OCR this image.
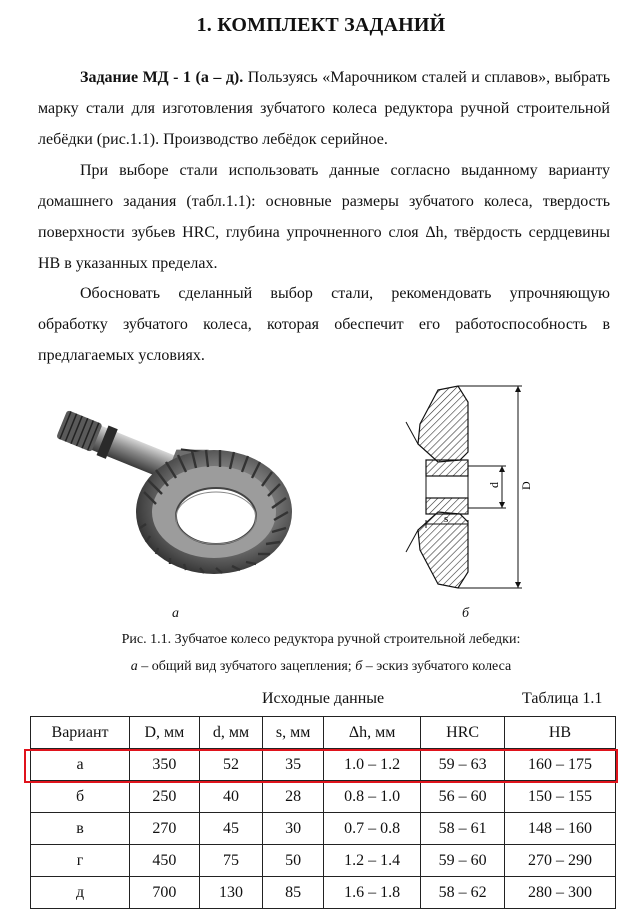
1. КОМПЛЕКТ ЗАДАНИЙ

Задание МД - 1 (а – д). Пользуясь «Марочником сталей и сплавов», выбрать марку стали для изготовления зубчатого колеса редуктора ручной строительной лебёдки (рис.1.1). Производство лебёдок серийное.

При выборе стали использовать данные согласно выданному варианту домашнего задания (табл.1.1): основные размеры зубчатого колеса, твердость поверхности зубьев HRC, глубина упрочненного слоя Δh, твёрдость сердцевины HB в указанных пределах.

Обосновать сделанный выбор стали, рекомендовать упрочняющую обработку зубчатого колеса, которая обеспечит его работоспособность в предлагаемых условиях.

d D
s
а	б
Рис. 1.1. Зубчатое колесо редуктора ручной строительной лебедки:
а – общий вид зубчатого зацепления; б – эскиз зубчатого колеса
Исходные данные	Таблица 1.1
Вариант	D, мм	d, мм	s, мм	Δh, мм	HRC	HB
а	350	52	35	1.0 – 1.2	59 – 63	160 – 175
б	250	40	28	0.8 – 1.0	56 – 60	150 – 155
в	270	45	30	0.7 – 0.8	58 – 61	148 – 160
г	450	75	50	1.2 – 1.4	59 – 60	270 – 290
д	700	130	85	1.6 – 1.8	58 – 62	280 – 300
